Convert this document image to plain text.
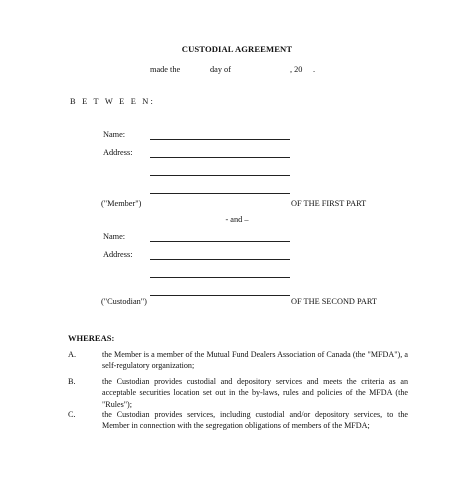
CUSTODIAL AGREEMENT
made the	day of	, 20 .
B E T W E E N:
Name:
Address:
("Member")	OF THE FIRST PART
- and –
Name:
Address:
("Custodian")	OF THE SECOND PART
WHEREAS:
A.	the Member is a member of the Mutual Fund Dealers Association of Canada (the "MFDA"), a self-regulatory organization;
B.	the Custodian provides custodial and depository services and meets the criteria as an acceptable securities location set out in the by-laws, rules and policies of the MFDA (the "Rules");
C.	the Custodian provides services, including custodial and/or depository services, to the Member in connection with the segregation obligations of members of the MFDA;
